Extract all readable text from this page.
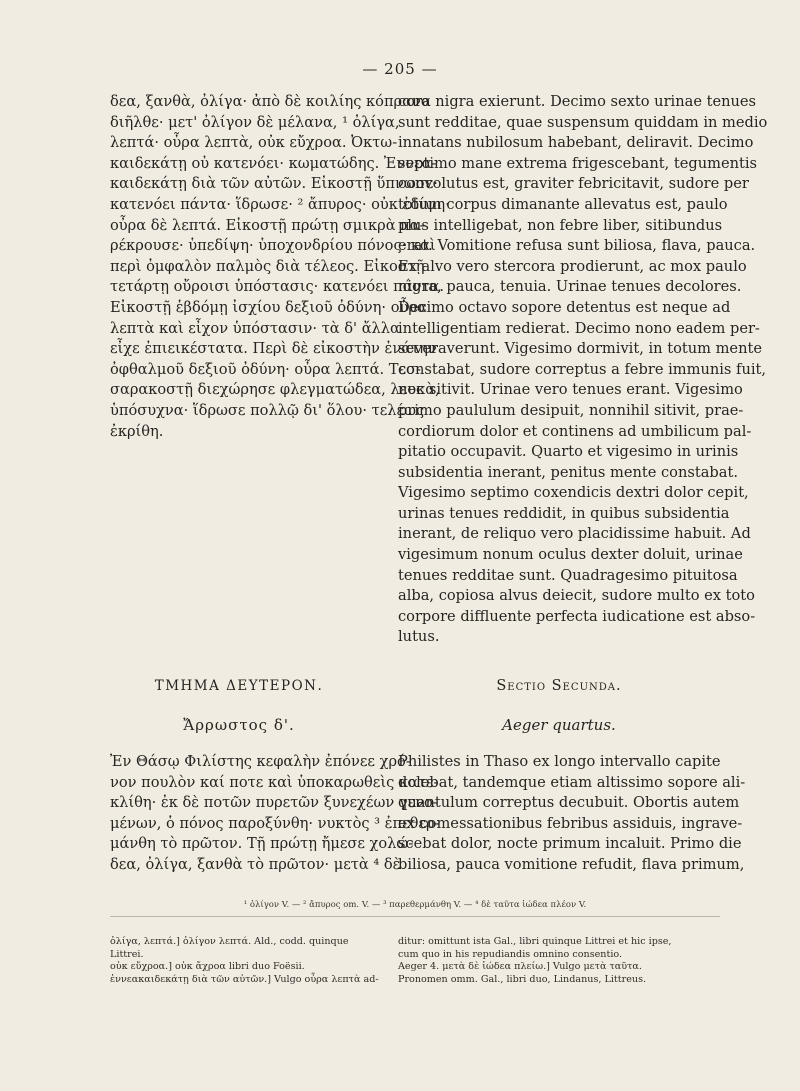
— 205 —
δεα, ξανθὰ, ὀλίγα· ἀπὸ δὲ κοιλίης κόπρανα
διῆλθε· μετ' ὀλίγον δὲ μέλανα, ¹ ὀλίγα,
λεπτά· οὖρα λεπτὰ, οὐκ εὔχροα. Ὀκτω-
καιδεκάτῃ οὐ κατενόει· κωματώδης. Ἐννεα-
καιδεκάτῃ διὰ τῶν αὐτῶν. Εἰκοστῇ ὕπνωσε·
κατενόει πάντα· ἵδρωσε· ² ἄπυρος· οὐκ ἐδίψη·
οὖρα δὲ λεπτά. Εἰκοστῇ πρώτῃ σμικρὰ πα-
ρέκρουσε· ὑπεδίψη· ὑποχονδρίου πόνος· καὶ
περὶ ὀμφαλὸν παλμὸς διὰ τέλεος. Εἰκοστῇ
τετάρτῃ οὔροισι ὑπόστασις· κατενόει πάντα.
Εἰκοστῇ ἑβδόμῃ ἰσχίου δεξιοῦ ὀδύνη· οὖρα
λεπτὰ καὶ εἶχον ὑπόστασιν· τὰ δ' ἄλλα
εἶχε ἐπιεικέστατα. Περὶ δὲ εἰκοστὴν ἐνάτην
ὀφθαλμοῦ δεξιοῦ ὀδύνη· οὖρα λεπτά. Τεσ-
σαρακοστῇ διεχώρησε φλεγματώδεα, λευκὰ,
ὑπόσυχνα· ἵδρωσε πολλῷ δι' ὅλου· τελέως
ἐκρίθη.
cora nigra exierunt. Decimo sexto urinae tenues
sunt redditae, quae suspensum quiddam in medio
innatans nubilosum habebant, deliravit. Decimo
septimo mane extrema frigescebant, tegumentis
convolutus est, graviter febricitavit, sudore per
totum corpus dimanante allevatus est, paulo
plus intelligebat, non febre liber, sitibundus
erat. Vomitione refusa sunt biliosa, flava, pauca.
Ex alvo vero stercora prodierunt, ac mox paulo
nigra, pauca, tenuia. Urinae tenues decolores.
Decimo octavo sopore detentus est neque ad
intelligentiam redierat. Decimo nono eadem per-
severaverunt. Vigesimo dormivit, in totum mente
constabat, sudore correptus a febre immunis fuit,
nec sitivit. Urinae vero tenues erant. Vigesimo
primo paululum desipuit, nonnihil sitivit, prae-
cordiorum dolor et continens ad umbilicum pal-
pitatio occupavit. Quarto et vigesimo in urinis
subsidentia inerant, penitus mente constabat.
Vigesimo septimo coxendicis dextri dolor cepit,
urinas tenues reddidit, in quibus subsidentia
inerant, de reliquo vero placidissime habuit. Ad
vigesimum nonum oculus dexter doluit, urinae
tenues redditae sunt. Quadragesimo pituitosa
alba, copiosa alvus deiecit, sudore multo ex toto
corpore diffluente perfecta iudicatione est abso-
lutus.
ΤΜΗΜΑ ΔΕΥΤΕΡΟΝ.	Sectio Secunda.
Ἄρρωστος δ'.	Aeger quartus.
Ἐν Θάσῳ Φιλίστης κεφαλὴν ἐπόνεε χρό-
νον πουλὸν καί ποτε καὶ ὑποκαρωθεὶς κατε-
κλίθη· ἐκ δὲ ποτῶν πυρετῶν ξυνεχέων γενο-
μένων, ὁ πόνος παροξύνθη· νυκτὸς ³ ἐπεθερ-
μάνθη τὸ πρῶτον. Τῇ πρώτῃ ἤμεσε χολώ-
δεα, ὀλίγα, ξανθὰ τὸ πρῶτον· μετὰ ⁴ δὲ
Philistes in Thaso ex longo intervallo capite
dolebat, tandemque etiam altissimo sopore ali-
quantulum correptus decubuit. Obortis autem
ex comessationibus febribus assiduis, ingrave-
scebat dolor, nocte primum incaluit. Primo die
biliosa, pauca vomitione refudit, flava primum,
¹ ὀλίγον V. — ² ἄπυρος om. V. — ³ παρεθερμάνθη V. — ⁴ δὲ ταῦτα ἰώδεα πλέον V.
ὀλίγα, λεπτά.] ὀλίγον λεπτά. Ald., codd. quinque
Littrei.
οὐκ εὔχροα.] οὐκ ἄχροα libri duo Foësii.
ἐννεακαιδεκάτῃ διὰ τῶν αὐτῶν.] Vulgo οὖρα λεπτὰ ad-
ditur: omittunt ista Gal., libri quinque Littrei et hic ipse,
cum quo in his repudiandis omnino consentio.
Aeger 4. μετὰ δὲ ἰώδεα πλείω.] Vulgo μετὰ ταῦτα.
Pronomen omm. Gal., libri duo, Lindanus, Littreus.
